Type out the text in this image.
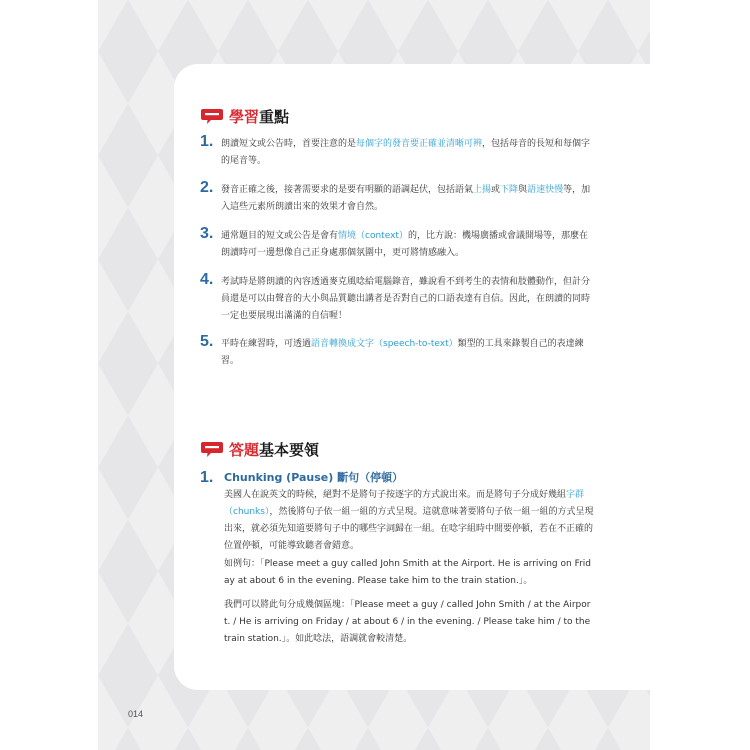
學習 重點
1. 朗讀短文或公告時，首要注意的是每個字的發音要正確並清晰可辨，包括母音的長短和每個字的尾音等。
2. 發音正確之後，接著需要求的是要有明顯的語調起伏，包括語氣上揚或下降與語速快慢等，加入這些元素所朗讀出來的效果才會自然。
3. 通常題目的短文或公告是會有情境（context）的，比方說：機場廣播或會議開場等，那麼在朗讀時可一邊想像自己正身處那個氛圍中，更可將情感融入。
4. 考試時是將朗讀的內容透過麥克風唸給電腦錄音，雖說看不到考生的表情和肢體動作，但計分員還是可以由聲音的大小與品質聽出講者是否對自己的口語表達有自信。因此，在朗讀的同時一定也要展現出滿滿的自信喔！
5. 平時在練習時，可透過語音轉換成文字（speech-to-text）類型的工具來錄製自己的表達練習。
答題 基本要領
1. Chunking (Pause) 斷句（停頓）
美國人在說英文的時候，絕對不是將句子按逐字的方式說出來。而是將句子分成好幾組字群（chunks），然後將句子依一組一組的方式呈現。這就意味著要將句子依一組一組的方式呈現出來，就必須先知道要將句子中的哪些字詞歸在一組。在唸字組時中間要停頓，若在不正確的位置停頓，可能導致聽者會錯意。
如例句：「Please meet a guy called John Smith at the Airport. He is arriving on Friday at about 6 in the evening. Please take him to the train station.」。
我們可以將此句分成幾個區塊：「Please meet a guy / called John Smith / at the Airport. / He is arriving on Friday / at about 6 / in the evening. / Please take him / to the train station.」。如此唸法，語調就會較清楚。
014
